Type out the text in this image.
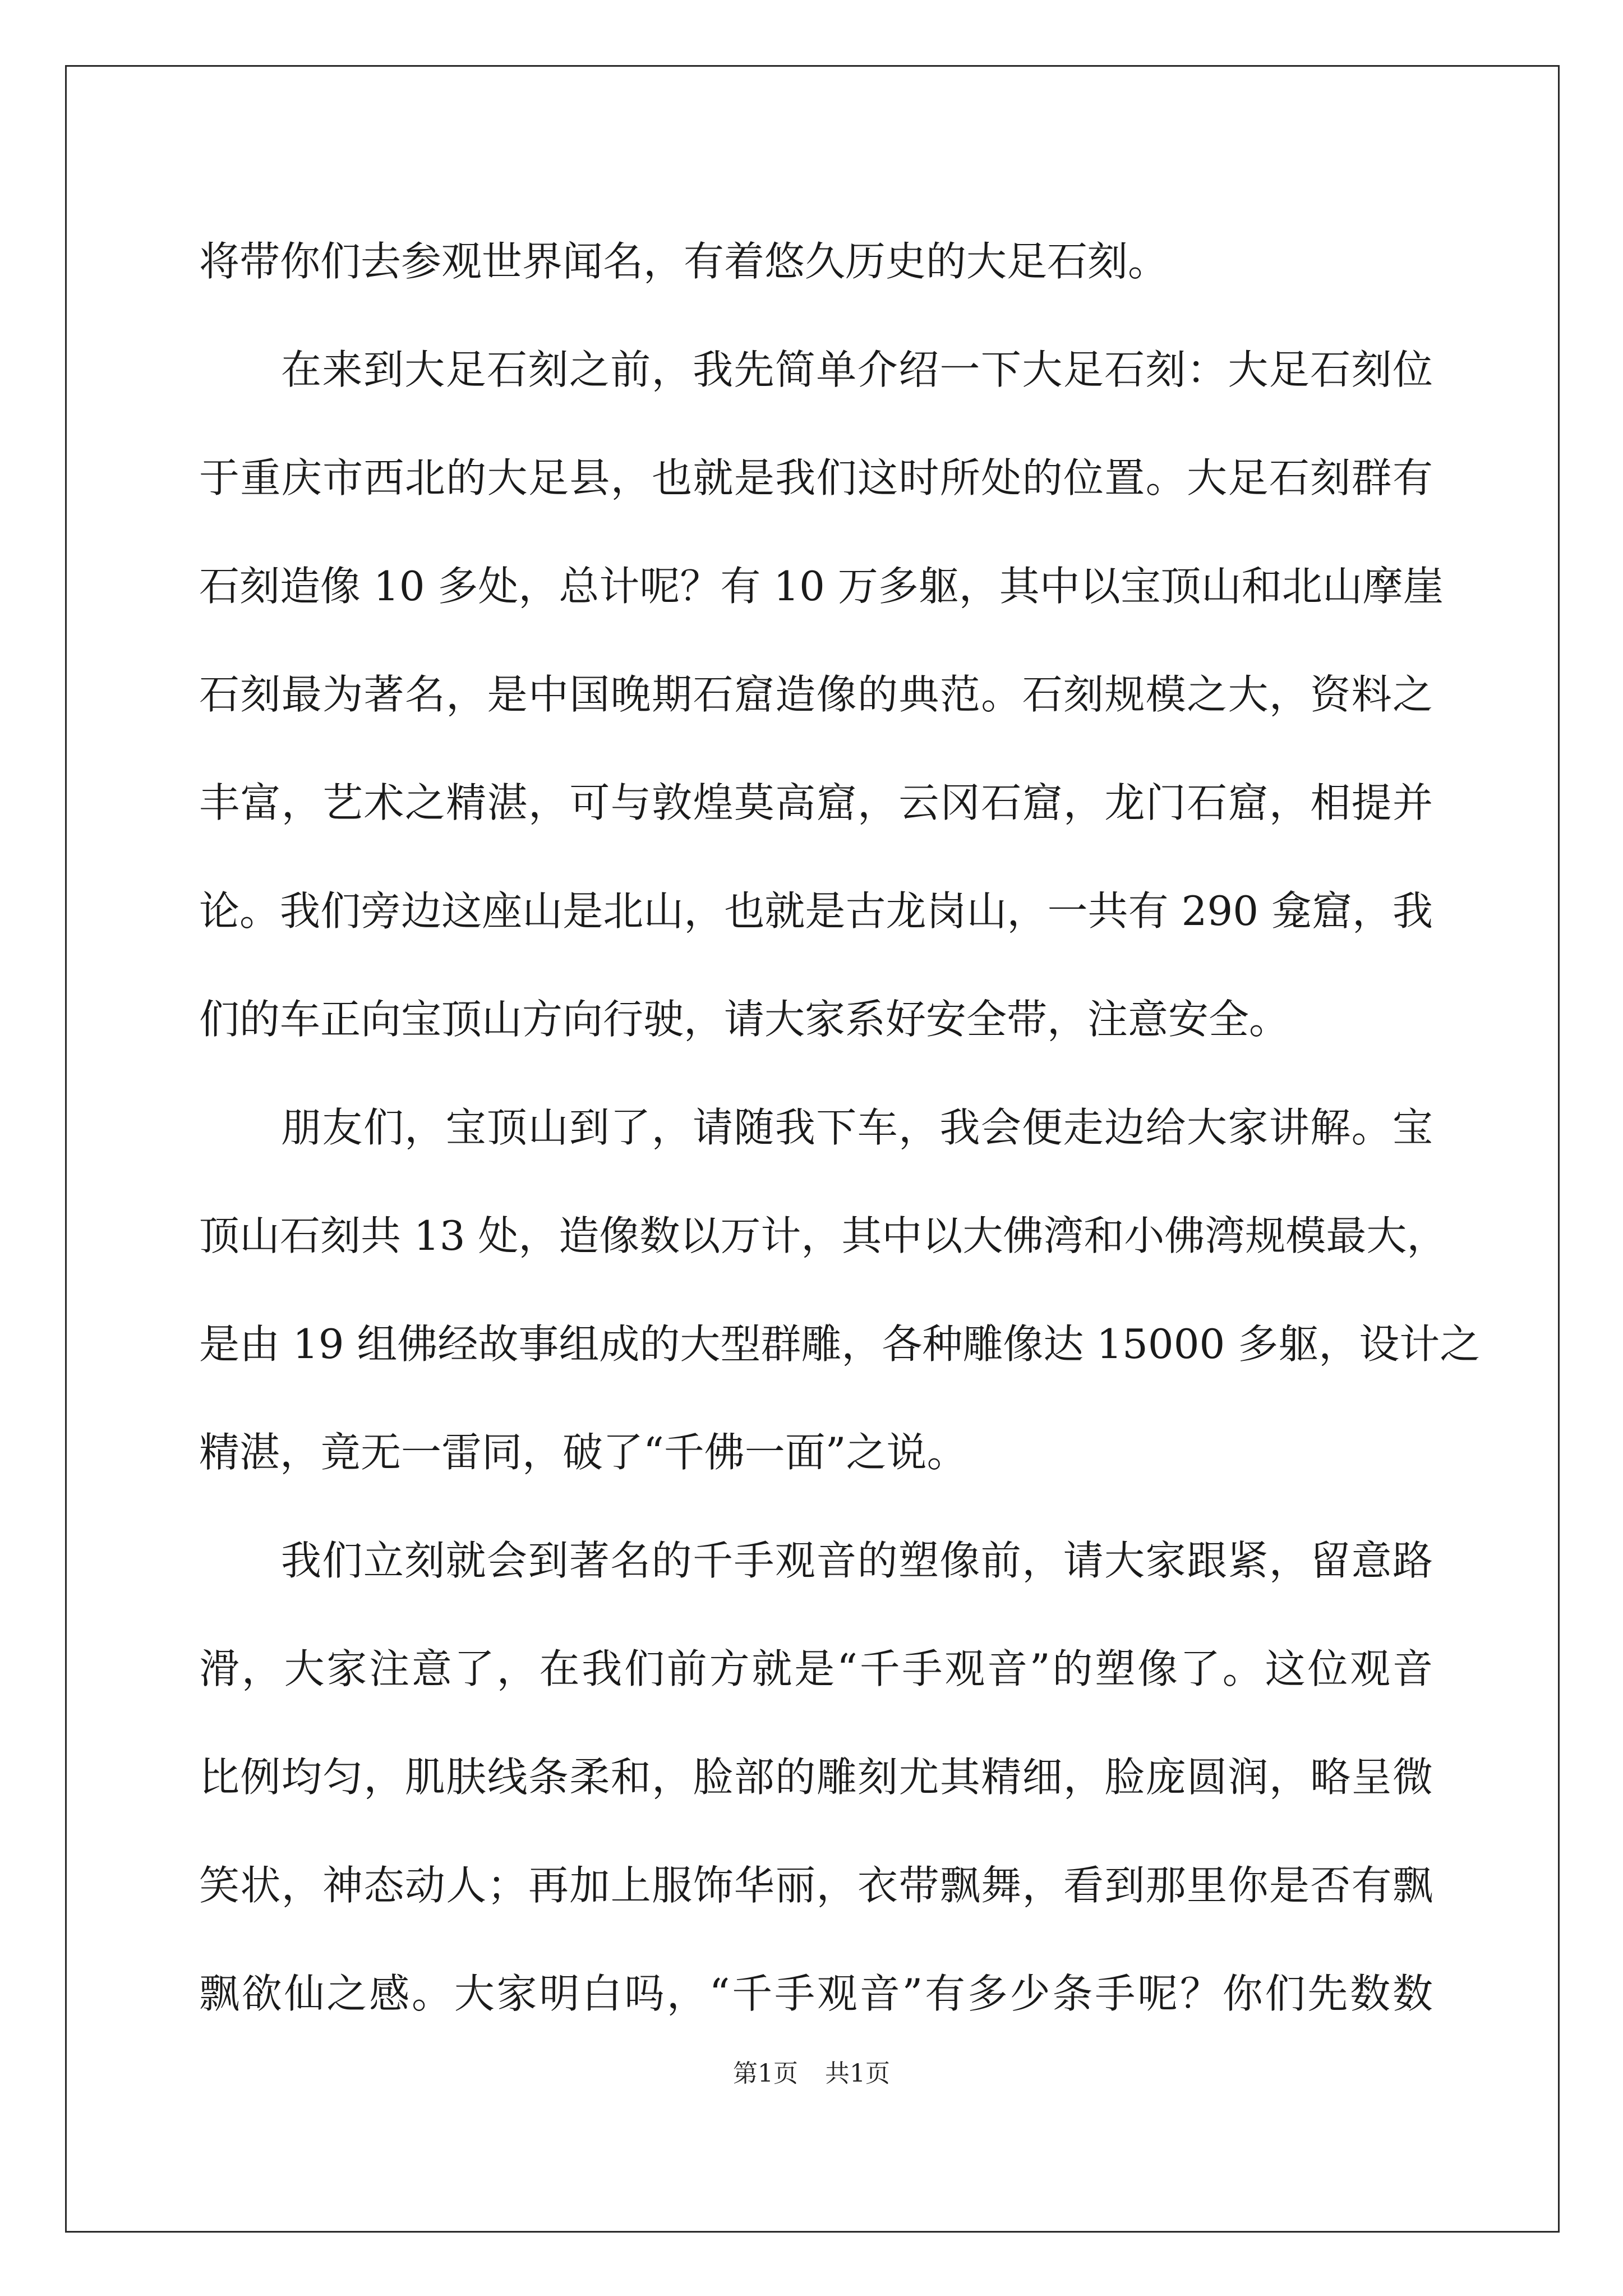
将带你们去参观世界闻名，有着悠久历史的大足石刻。
在来到大足石刻之前，我先简单介绍一下大足石刻：大足石刻位
于重庆市西北的大足县，也就是我们这时所处的位置。大足石刻群有
石刻造像 10 多处，总计呢？有 10 万多躯，其中以宝顶山和北山摩崖
石刻最为著名，是中国晚期石窟造像的典范。石刻规模之大，资料之
丰富，艺术之精湛，可与敦煌莫高窟，云冈石窟，龙门石窟，相提并
论。我们旁边这座山是北山，也就是古龙岗山，一共有 290 龛窟，我
们的车正向宝顶山方向行驶，请大家系好安全带，注意安全。
朋友们，宝顶山到了，请随我下车，我会便走边给大家讲解。宝
顶山石刻共 13 处，造像数以万计，其中以大佛湾和小佛湾规模最大，
是由 19 组佛经故事组成的大型群雕，各种雕像达 15000 多躯，设计之
精湛，竟无一雷同，破了“千佛一面”之说。
我们立刻就会到著名的千手观音的塑像前，请大家跟紧，留意路
滑，大家注意了，在我们前方就是“千手观音”的塑像了。这位观音
比例均匀，肌肤线条柔和，脸部的雕刻尤其精细，脸庞圆润，略呈微
笑状，神态动人；再加上服饰华丽，衣带飘舞，看到那里你是否有飘
飘欲仙之感。大家明白吗，“千手观音”有多少条手呢？你们先数数
第1页 共1页
